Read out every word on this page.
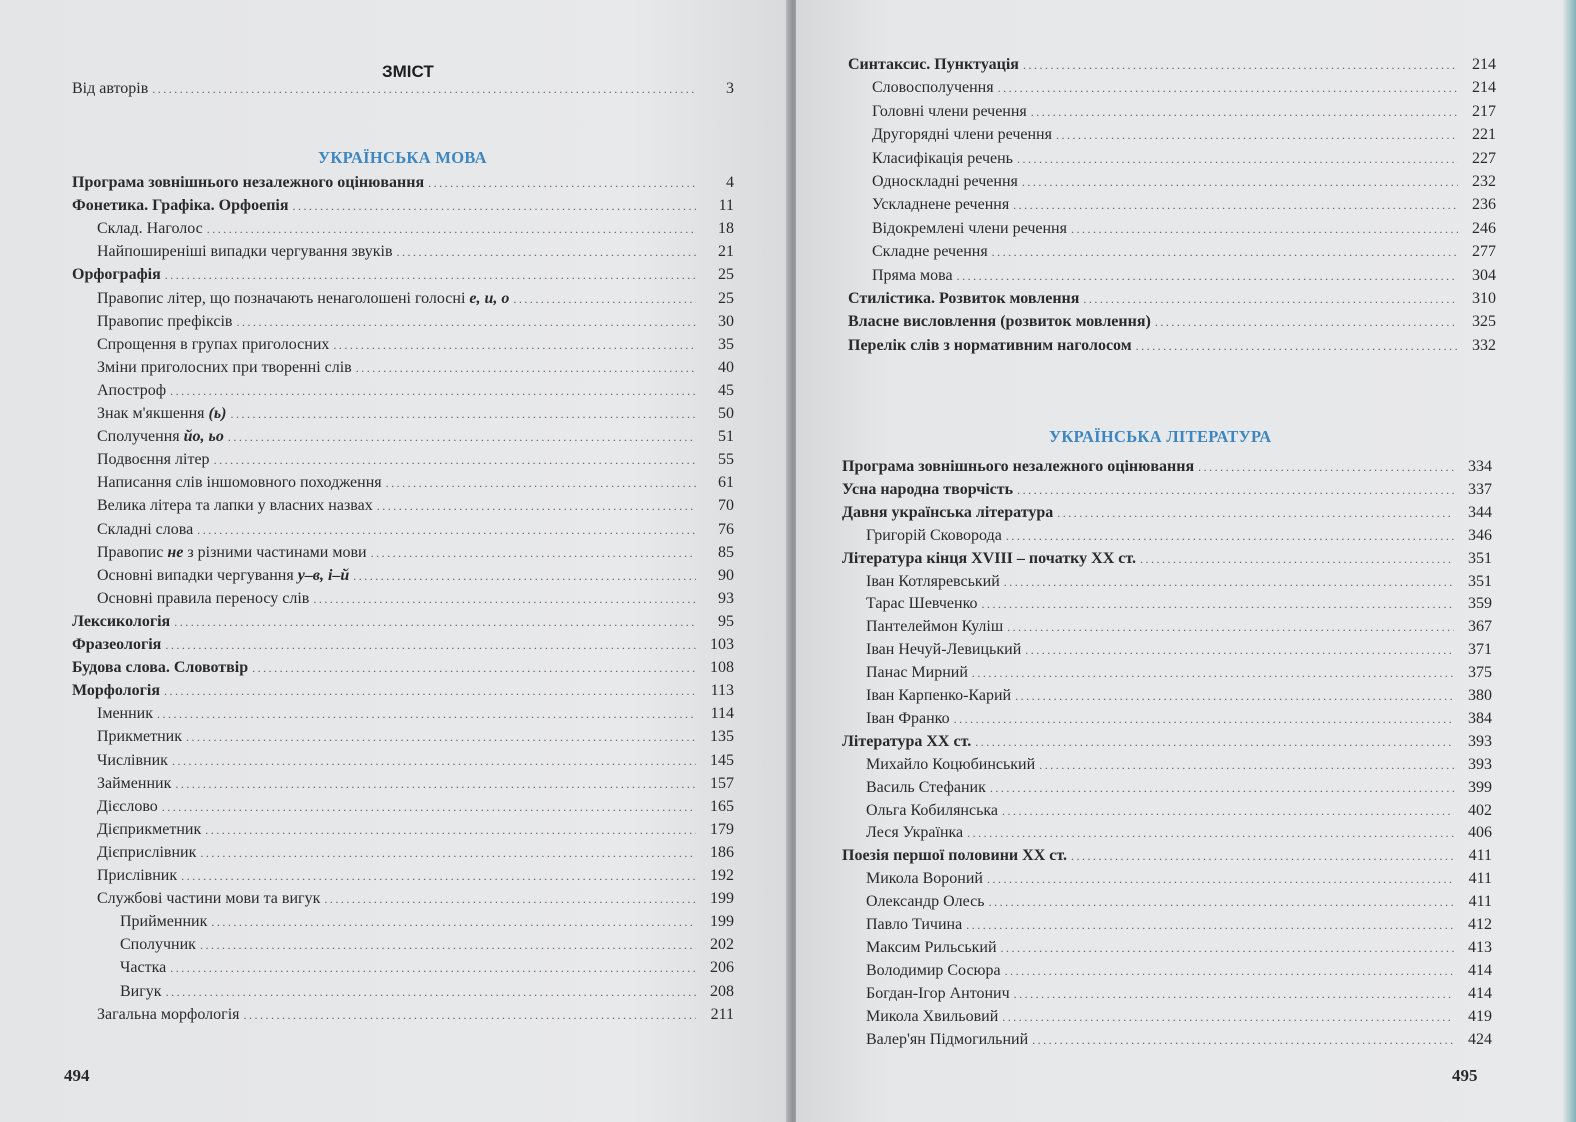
ЗМІСТ
УКРАЇНСЬКА МОВА
Від авторів .....	3
Програма зовнішнього незалежного оцінювання .....	4
Фонетика. Графіка. Орфоепія .....	11
Склад. Наголос .....	18
Найпоширеніші випадки чергування звуків .....	21
Орфографія .....	25
Правопис літер, що позначають ненаголошені голосні е, и, о .....	25
Правопис префіксів .....	30
Спрощення в групах приголосних .....	35
Зміни приголосних при творенні слів .....	40
Апостроф .....	45
Знак м'якшення (ь) .....	50
Сполучення йо, ьо .....	51
Подвоєння літер .....	55
Написання слів іншомовного походження .....	61
Велика літера та лапки у власних назвах .....	70
Складні слова .....	76
Правопис не з різними частинами мови .....	85
Основні випадки чергування у–в, і–й .....	90
Основні правила переносу слів .....	93
Лексикологія .....	95
Фразеологія .....	103
Будова слова. Словотвір .....	108
Морфологія .....	113
Іменник .....	114
Прикметник .....	135
Числівник .....	145
Займенник .....	157
Дієслово .....	165
Дієприкметник .....	179
Дієприслівник .....	186
Прислівник .....	192
Службові частини мови та вигук .....	199
Прийменник .....	199
Сполучник .....	202
Частка .....	206
Вигук .....	208
Загальна морфологія .....	211
494
Синтаксис. Пунктуація .....	214
Словосполучення .....	214
Головні члени речення .....	217
Другорядні члени речення .....	221
Класифікація речень .....	227
Односкладні речення .....	232
Ускладнене речення .....	236
Відокремлені члени речення .....	246
Складне речення .....	277
Пряма мова .....	304
Стилістика. Розвиток мовлення .....	310
Власне висловлення (розвиток мовлення) .....	325
Перелік слів з нормативним наголосом .....	332
УКРАЇНСЬКА ЛІТЕРАТУРА
Програма зовнішнього незалежного оцінювання .....	334
Усна народна творчість .....	337
Давня українська література .....	344
Григорій Сковорода .....	346
Література кінця XVIII – початку XX ст. .....	351
Іван Котляревський .....	351
Тарас Шевченко .....	359
Пантелеймон Куліш .....	367
Іван Нечуй-Левицький .....	371
Панас Мирний .....	375
Іван Карпенко-Карий .....	380
Іван Франко .....	384
Література XX ст. .....	393
Михайло Коцюбинський .....	393
Василь Стефаник .....	399
Ольга Кобилянська .....	402
Леся Українка .....	406
Поезія першої половини XX ст. .....	411
Микола Вороний .....	411
Олександр Олесь .....	411
Павло Тичина .....	412
Максим Рильський .....	413
Володимир Сосюра .....	414
Богдан-Ігор Антонич .....	414
Микола Хвильовий .....	419
Валер'ян Підмогильний .....	424
495
